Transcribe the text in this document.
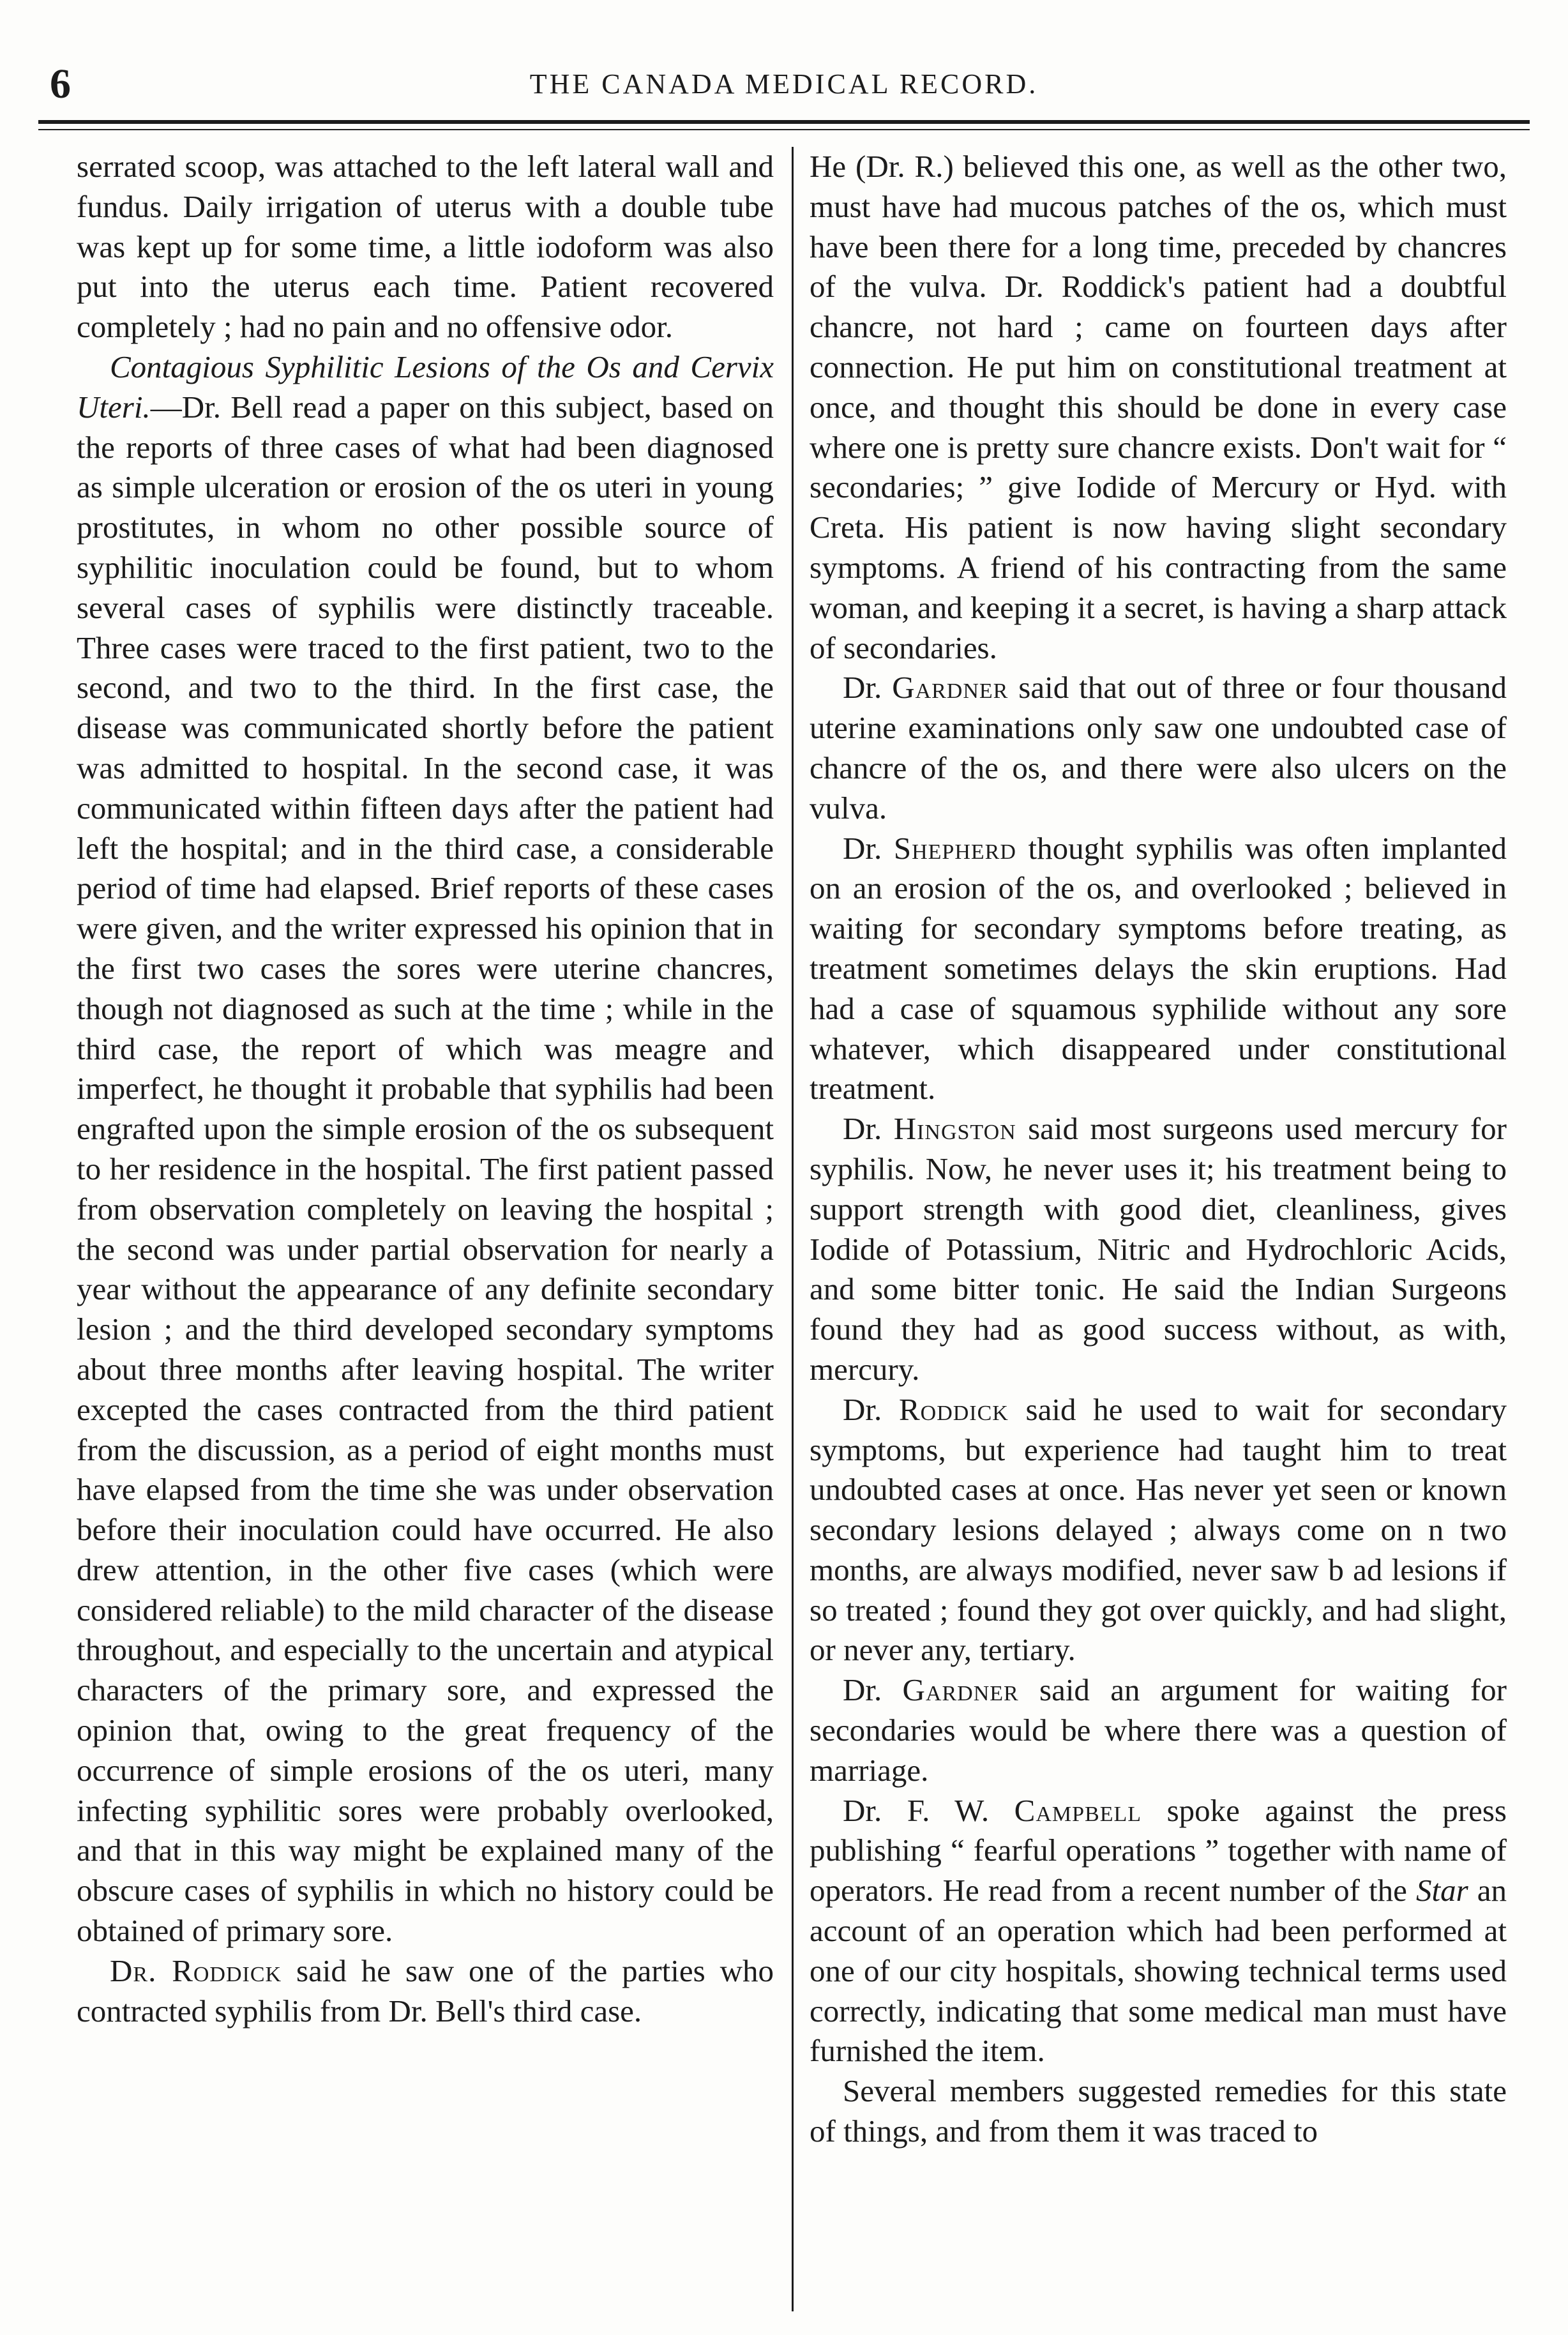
6	THE CANADA MEDICAL RECORD.

serrated scoop, was attached to the left lateral wall and fundus. Daily irrigation of uterus with a double tube was kept up for some time, a little iodoform was also put into the uterus each time. Patient recovered completely ; had no pain and no offensive odor.

Contagious Syphilitic Lesions of the Os and Cervix Uteri.—Dr. Bell read a paper on this subject, based on the reports of three cases of what had been diagnosed as simple ulceration or erosion of the os uteri in young prostitutes, in whom no other possible source of syphilitic inoculation could be found, but to whom several cases of syphilis were distinctly traceable. Three cases were traced to the first patient, two to the second, and two to the third. In the first case, the disease was communicated shortly before the patient was admitted to hospital. In the second case, it was communicated within fifteen days after the patient had left the hospital; and in the third case, a considerable period of time had elapsed. Brief reports of these cases were given, and the writer expressed his opinion that in the first two cases the sores were uterine chancres, though not diagnosed as such at the time ; while in the third case, the report of which was meagre and imperfect, he thought it probable that syphilis had been engrafted upon the simple erosion of the os subsequent to her residence in the hospital. The first patient passed from observation completely on leaving the hospital ; the second was under partial observation for nearly a year without the appearance of any definite secondary lesion ; and the third developed secondary symptoms about three months after leaving hospital. The writer excepted the cases contracted from the third patient from the discussion, as a period of eight months must have elapsed from the time she was under observation before their inoculation could have occurred. He also drew attention, in the other five cases (which were considered reliable) to the mild character of the disease throughout, and especially to the uncertain and atypical characters of the primary sore, and expressed the opinion that, owing to the great frequency of the occurrence of simple erosions of the os uteri, many infecting syphilitic sores were probably overlooked, and that in this way might be explained many of the obscure cases of syphilis in which no history could be obtained of primary sore.

Dr. Roddick said he saw one of the parties who contracted syphilis from Dr. Bell's third case.

He (Dr. R.) believed this one, as well as the other two, must have had mucous patches of the os, which must have been there for a long time, preceded by chancres of the vulva. Dr. Roddick's patient had a doubtful chancre, not hard ; came on fourteen days after connection. He put him on constitutional treatment at once, and thought this should be done in every case where one is pretty sure chancre exists. Don't wait for “ secondaries; ” give Iodide of Mercury or Hyd. with Creta. His patient is now having slight secondary symptoms. A friend of his contracting from the same woman, and keeping it a secret, is having a sharp attack of secondaries.

Dr. Gardner said that out of three or four thousand uterine examinations only saw one undoubted case of chancre of the os, and there were also ulcers on the vulva.

Dr. Shepherd thought syphilis was often implanted on an erosion of the os, and overlooked ; believed in waiting for secondary symptoms before treating, as treatment sometimes delays the skin eruptions. Had had a case of squamous syphilide without any sore whatever, which disappeared under constitutional treatment.

Dr. Hingston said most surgeons used mercury for syphilis. Now, he never uses it; his treatment being to support strength with good diet, cleanliness, gives Iodide of Potassium, Nitric and Hydrochloric Acids, and some bitter tonic. He said the Indian Surgeons found they had as good success without, as with, mercury.

Dr. Roddick said he used to wait for secondary symptoms, but experience had taught him to treat undoubted cases at once. Has never yet seen or known secondary lesions delayed ; always come on n two months, are always modified, never saw b ad lesions if so treated ; found they got over quickly, and had slight, or never any, tertiary.

Dr. Gardner said an argument for waiting for secondaries would be where there was a question of marriage.

Dr. F. W. Campbell spoke against the press publishing “ fearful operations ” together with name of operators. He read from a recent number of the Star an account of an operation which had been performed at one of our city hospitals, showing technical terms used correctly, indicating that some medical man must have furnished the item.

Several members suggested remedies for this state of things, and from them it was traced to
